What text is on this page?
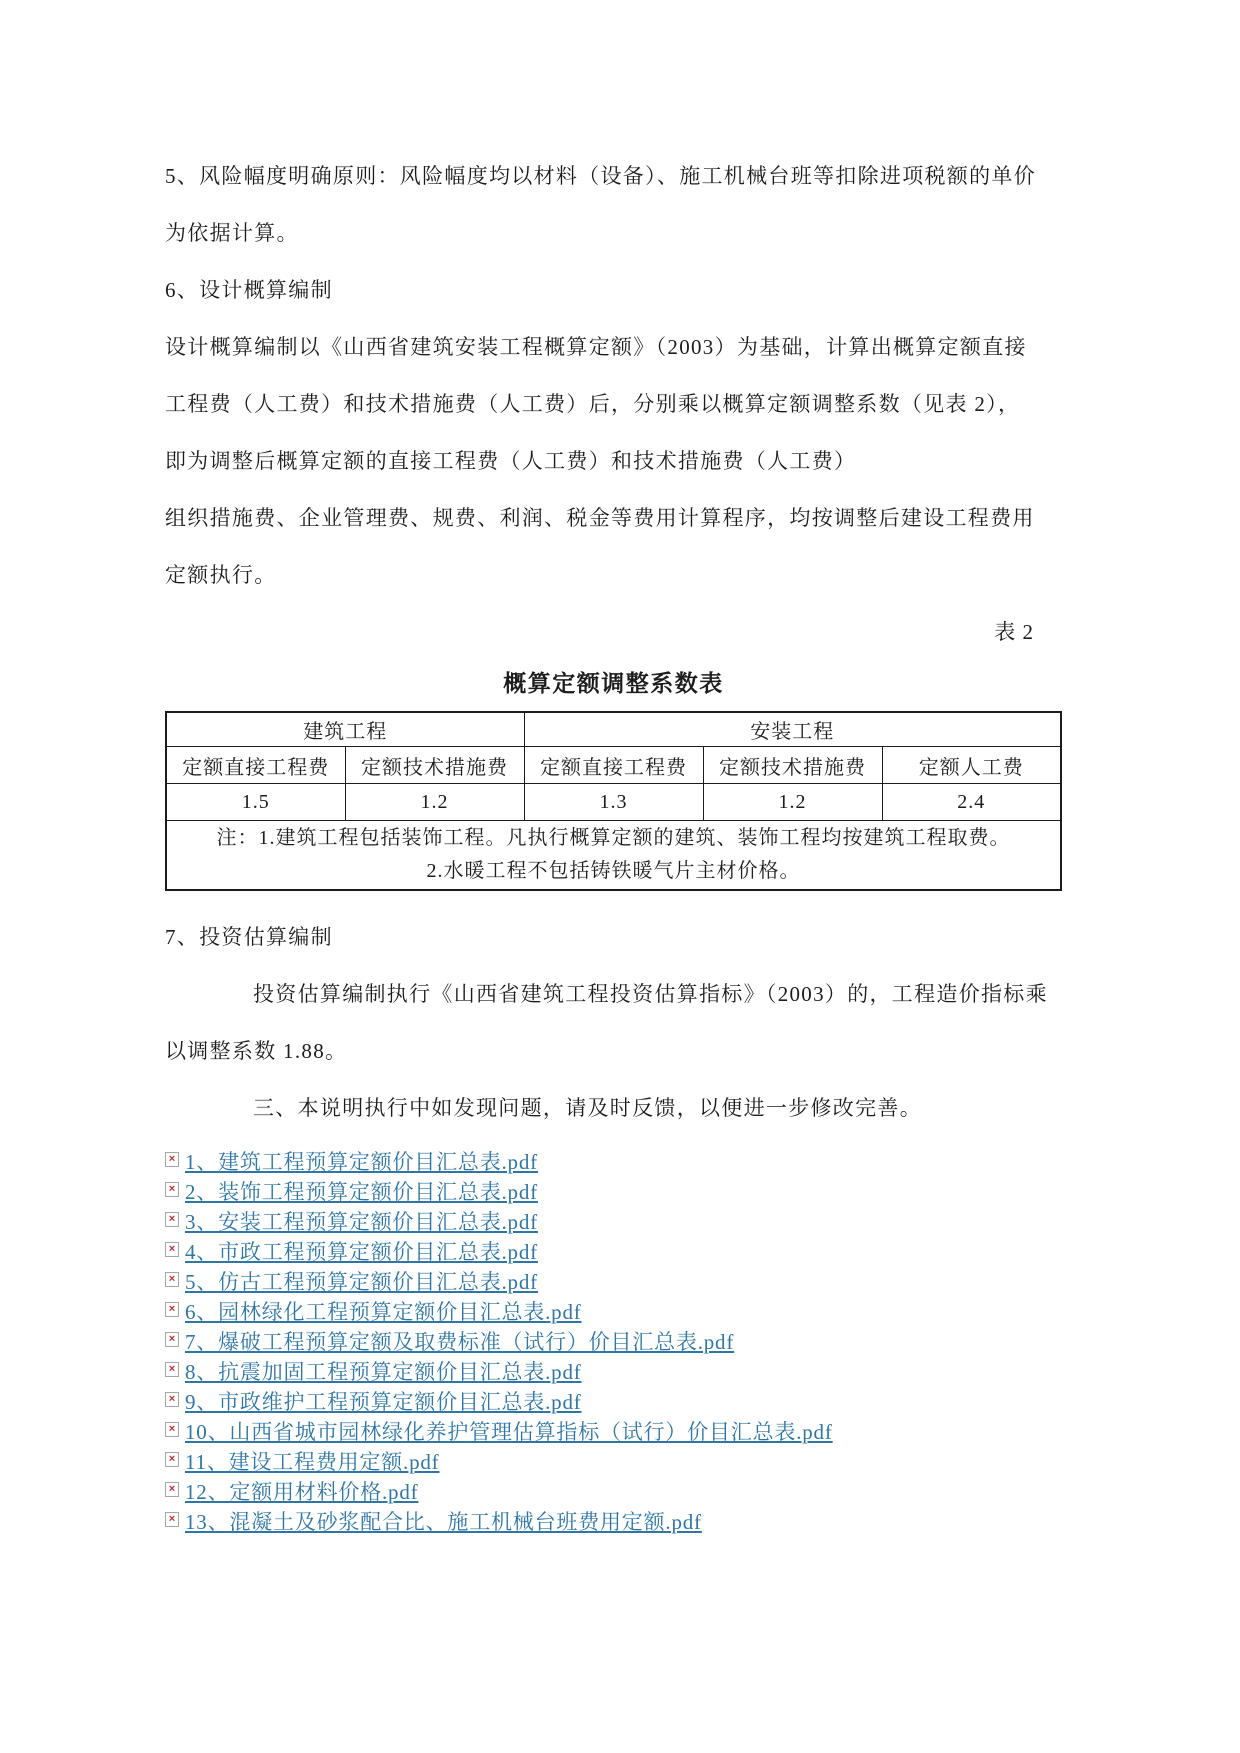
5、风险幅度明确原则：风险幅度均以材料（设备）、施工机械台班等扣除进项税额的单价
为依据计算。
6、设计概算编制
设计概算编制以《山西省建筑安装工程概算定额》（2003）为基础，计算出概算定额直接
工程费（人工费）和技术措施费（人工费）后，分别乘以概算定额调整系数（见表 2），
即为调整后概算定额的直接工程费（人工费）和技术措施费（人工费）
组织措施费、企业管理费、规费、利润、税金等费用计算程序，均按调整后建设工程费用
定额执行。
表 2
概算定额调整系数表
建筑工程		安装工程		
定额直接工程费	定额技术措施费	定额直接工程费	定额技术措施费	定额人工费
1.5	1.2	1.3	1.2	2.4

注：1.建筑工程包括装饰工程。凡执行概算定额的建筑、装饰工程均按建筑工程取费。
2.水暖工程不包括铸铁暖气片主材价格。				
7、投资估算编制
投资估算编制执行《山西省建筑工程投资估算指标》（2003）的，工程造价指标乘
以调整系数 1.88。
三、本说明执行中如发现问题，请及时反馈，以便进一步修改完善。
× 1、建筑工程预算定额价目汇总表.pdf
× 2、装饰工程预算定额价目汇总表.pdf
× 3、安装工程预算定额价目汇总表.pdf
× 4、市政工程预算定额价目汇总表.pdf
× 5、仿古工程预算定额价目汇总表.pdf
× 6、园林绿化工程预算定额价目汇总表.pdf
× 7、爆破工程预算定额及取费标准（试行）价目汇总表.pdf
× 8、抗震加固工程预算定额价目汇总表.pdf
× 9、市政维护工程预算定额价目汇总表.pdf
× 10、山西省城市园林绿化养护管理估算指标（试行）价目汇总表.pdf
× 11、建设工程费用定额.pdf
× 12、定额用材料价格.pdf
× 13、混凝土及砂浆配合比、施工机械台班费用定额.pdf
